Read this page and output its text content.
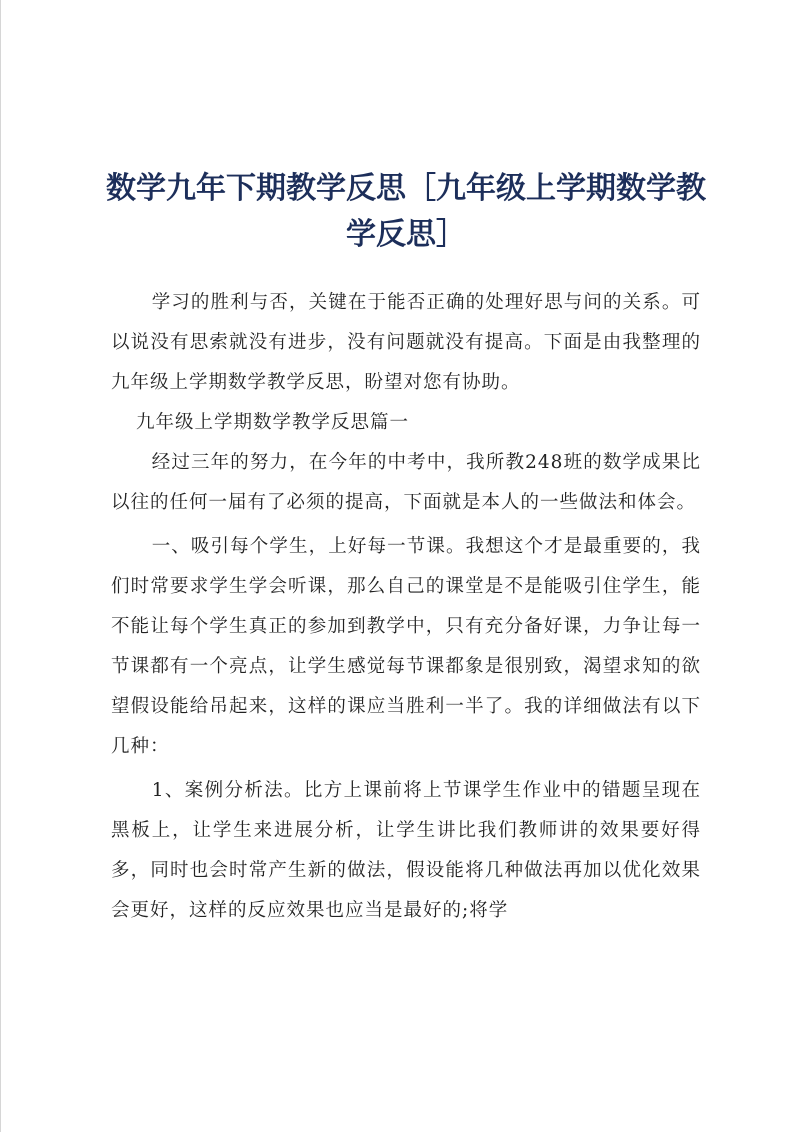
数学九年下期教学反思［九年级上学期数学教学反思］

学习的胜利与否，关键在于能否正确的处理好思与问的关系。可以说没有思索就没有进步，没有问题就没有提高。下面是由我整理的九年级上学期数学教学反思，盼望对您有协助。

九年级上学期数学教学反思篇一

经过三年的努力，在今年的中考中，我所教248班的数学成果比以往的任何一届有了必须的提高，下面就是本人的一些做法和体会。

一、吸引每个学生，上好每一节课。我想这个才是最重要的，我们时常要求学生学会听课，那么自己的课堂是不是能吸引住学生，能不能让每个学生真正的参加到教学中，只有充分备好课，力争让每一节课都有一个亮点，让学生感觉每节课都象是很别致，渴望求知的欲望假设能给吊起来，这样的课应当胜利一半了。我的详细做法有以下几种：

1、案例分析法。比方上课前将上节课学生作业中的错题呈现在黑板上，让学生来进展分析，让学生讲比我们教师讲的效果要好得多，同时也会时常产生新的做法，假设能将几种做法再加以优化效果会更好，这样的反应效果也应当是最好的;将学
